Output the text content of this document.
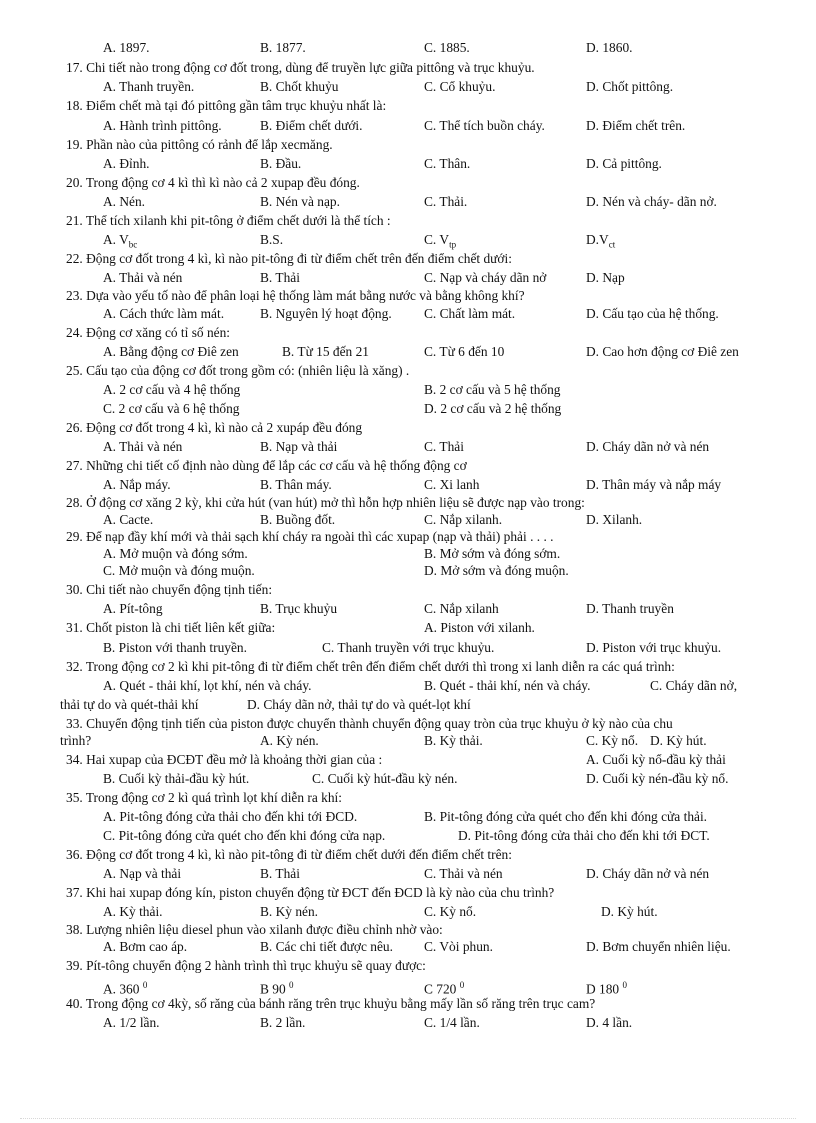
A. 1897.	B. 1877.	C. 1885.	D. 1860.
17. Chi tiết nào trong động cơ đốt trong, dùng để truyền lực giữa pittông và trục khuỷu.
A. Thanh truyền.	B. Chốt khuỷu	C. Cổ khuỷu.	D. Chốt pittông.
18. Điểm chết mà tại đó pittông gần tâm trục khuỷu nhất là:
A. Hành trình pittông.	B. Điểm chết dưới.	C. Thể tích buồn cháy.	D. Điểm chết trên.
19. Phần nào của pittông có rảnh để lắp xecmăng.
A. Đỉnh.	B. Đầu.	C. Thân.	D. Cả pittông.
20. Trong động cơ 4 kì thì kì nào cả 2 xupap đều đóng.
A. Nén.	B. Nén và nạp.	C. Thải.	D. Nén và cháy- dãn nở.
21. Thể tích xilanh khi pit-tông ở điểm chết dưới là thể tích :
A. $V_{bc}$	B.S.	C. $V_{tp}$	$D.V_{ct}$
22. Động cơ đốt trong 4 kì, kì nào pit-tông đi từ điểm chết trên đến điểm chết dưới:
A. Thải và nén	B. Thải	C. Nạp và cháy dãn nở	D. Nạp
23. Dựa vào yếu tố nào để phân loại hệ thống làm mát bằng nước và bằng không khí?
A. Cách thức làm mát.	B. Nguyên lý hoạt động. C. Chất làm mát.	D. Cấu tạo của hệ thống.
24. Động cơ xăng có tỉ số nén:
A. Bằng động cơ Điê zen	B. Từ 15 đến 21	C. Từ 6 đến 10	D. Cao hơn động cơ Điê zen
25. Cấu tạo của động cơ đốt trong gồm có: (nhiên liệu là xăng) .
A. 2 cơ cấu và 4 hệ thống	B. 2 cơ cấu và 5 hệ thống
C. 2 cơ cấu và 6 hệ thống	D. 2 cơ cấu và 2 hệ thống
26. Động cơ đốt trong 4 kì, kì nào cả 2 xupáp đều đóng
A. Thải và nén	B. Nạp và thải	C. Thải	D. Cháy dãn nở và nén
27. Những chi tiết cố định nào dùng để lắp các cơ cấu và hệ thống động cơ
A. Nắp máy.	B. Thân máy.	C. Xi lanh	D. Thân máy và nắp máy
28. Ở động cơ xăng 2 kỳ, khi cửa hút (van hút) mở thì hỗn hợp nhiên liệu sẽ được nạp vào trong:
A. Cacte.	B. Buồng đốt.	C. Nắp xilanh.	D. Xilanh.
29. Để nạp đầy khí mới và thải sạch khí cháy ra ngoài thì các xupap (nạp và thải) phải . . . .
A. Mở muộn và đóng sớm.	B. Mở sớm và đóng sớm.
C. Mở muộn và đóng muộn.	D. Mở sớm và đóng muộn.
30. Chi tiết nào chuyển động tịnh tiến:
A. Pít-tông	B. Trục khuỷu	C. Nắp xilanh	D. Thanh truyền
31. Chốt piston là chi tiết liên kết giữa:	A. Piston với xilanh.
B. Piston với thanh truyền.	C. Thanh truyền với trục khuỷu.	D. Piston với trục khuỷu.
32. Trong động cơ 2 kì khi pit-tông đi từ điểm chết trên đến điểm chết dưới thì trong xi lanh diễn ra các quá trình:
A. Quét - thải khí, lọt khí, nén và cháy.	B. Quét - thải khí, nén và cháy.	C. Cháy dãn nở,
thải tự do và quét-thải khí	D. Cháy dãn nở, thải tự do và quét-lọt khí
33. Chuyển động tịnh tiến của piston được chuyển thành chuyển động quay tròn của trục khuỷu ở kỳ nào của chu
trình?	A. Kỳ nén.	B. Kỳ thải.	C. Kỳ nổ. D. Kỳ hút.
34. Hai xupap của ĐCĐT đều mở là khoảng thời gian của :	A. Cuối kỳ nổ-đầu kỳ thải
B. Cuối kỳ thải-đầu kỳ hút.	C. Cuối kỳ hút-đầu kỳ nén.	D. Cuối kỳ nén-đầu kỳ nổ.
35. Trong động cơ 2 kì quá trình lọt khí diễn ra khí:
A. Pit-tông đóng cửa thải cho đến khi tới ĐCD.	B. Pit-tông đóng cửa quét cho đến khi đóng cửa thải.
C. Pit-tông đóng cửa quét cho đến khi đóng cửa nạp.	D. Pit-tông đóng cửa thải cho đến khi tới ĐCT.
36. Động cơ đốt trong 4 kì, kì nào pit-tông đi từ điểm chết dưới đến điểm chết trên:
A. Nạp và thải	B. Thải	C. Thải và nén	D. Cháy dãn nở và nén
37. Khi hai xupap đóng kín, piston chuyển động từ ĐCT đến ĐCD là kỳ nào của chu trình?
A. Kỳ thải.	B. Kỳ nén.	C. Kỳ nổ.	D. Kỳ hút.
38. Lượng nhiên liệu diesel phun vào xilanh được điều chỉnh nhờ vào:
A. Bơm cao áp.	B. Các chi tiết được nêu. C. Vòi phun.	D. Bơm chuyển nhiên liệu.
39. Pít-tông chuyển động 2 hành trình thì trục khuỷu sẽ quay được:
A. 360 $^0$	B 90 $^0$	C 720 $^0$	D 180 $^0$
40. Trong động cơ 4kỳ, số răng của bánh răng trên trục khuỷu bằng mấy lần số răng trên trục cam?
A. 1/2 lần.	B. 2 lần.	C. 1/4 lần.	D. 4 lần.
